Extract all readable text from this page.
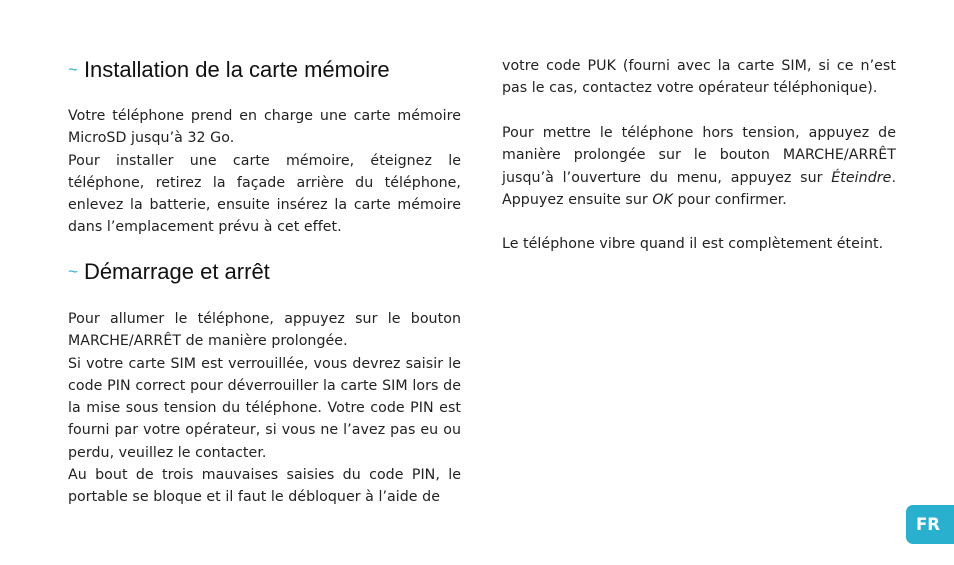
~ Installation de la carte mémoire

Votre téléphone prend en charge une carte mémoire MicroSD jusqu’à 32 Go.

Pour installer une carte mémoire, éteignez le téléphone, retirez la façade arrière du téléphone, enlevez la batterie, ensuite insérez la carte mémoire dans l’emplacement prévu à cet effet.

~ Démarrage et arrêt

Pour allumer le téléphone, appuyez sur le bouton MARCHE/ARRÊT de manière prolongée.

Si votre carte SIM est verrouillée, vous devrez saisir le code PIN correct pour déverrouiller la carte SIM lors de la mise sous tension du téléphone. Votre code PIN est fourni par votre opérateur, si vous ne l’avez pas eu ou perdu, veuillez le contacter.

Au bout de trois mauvaises saisies du code PIN, le portable se bloque et il faut le débloquer à l’aide de

votre code PUK (fourni avec la carte SIM, si ce n’est pas le cas, contactez votre opérateur téléphonique).

Pour mettre le téléphone hors tension, appuyez de manière prolongée sur le bouton MARCHE/ARRÊT jusqu’à l’ouverture du menu, appuyez sur Éteindre. Appuyez ensuite sur OK pour confirmer.

Le téléphone vibre quand il est complètement éteint.

FR
